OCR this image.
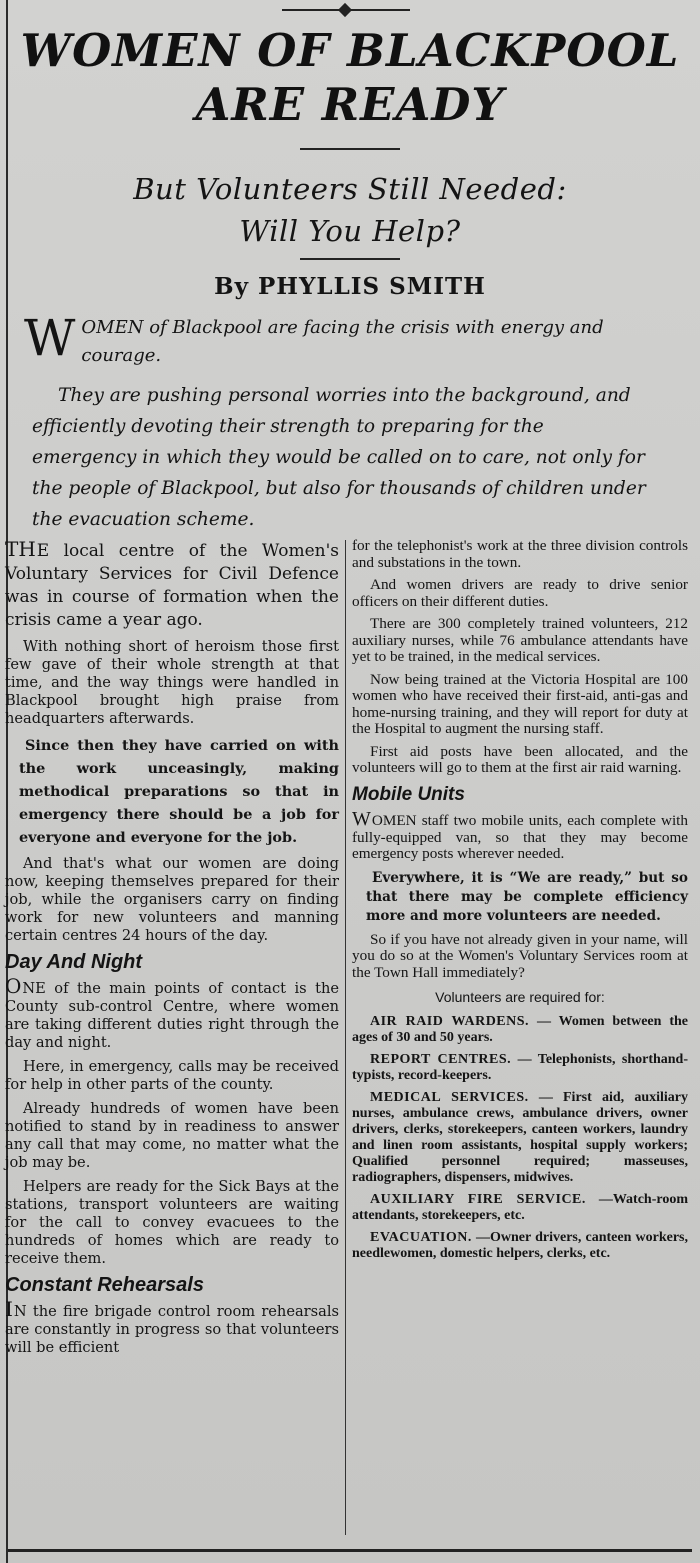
WOMEN OF BLACKPOOL
ARE READY
But Volunteers Still Needed:
Will You Help?
By PHYLLIS SMITH

WOMEN of Blackpool are facing the crisis with energy and courage.

They are pushing personal worries into the background, and efficiently devoting their strength to preparing for the emergency in which they would be called on to care, not only for the people of Blackpool, but also for thousands of children under the evacuation scheme.

THE local centre of the Women's Voluntary Services for Civil Defence was in course of formation when the crisis came a year ago.

With nothing short of heroism those first few gave of their whole strength at that time, and the way things were handled in Blackpool brought high praise from headquarters afterwards.

Since then they have carried on with the work unceasingly, making methodical preparations so that in emergency there should be a job for everyone and everyone for the job.

And that's what our women are doing now, keeping themselves prepared for their job, while the organisers carry on finding work for new volunteers and manning certain centres 24 hours of the day.

Day And Night

ONE of the main points of contact is the County sub-control Centre, where women are taking different duties right through the day and night.

Here, in emergency, calls may be received for help in other parts of the county.

Already hundreds of women have been notified to stand by in readiness to answer any call that may come, no matter what the job may be.

Helpers are ready for the Sick Bays at the stations, transport volunteers are waiting for the call to convey evacuees to the hundreds of homes which are ready to receive them.

Constant Rehearsals

IN the fire brigade control room rehearsals are constantly in progress so that volunteers will be efficient

for the telephonist's work at the three division controls and substations in the town.

And women drivers are ready to drive senior officers on their different duties.

There are 300 completely trained volunteers, 212 auxiliary nurses, while 76 ambulance attendants have yet to be trained, in the medical services.

Now being trained at the Victoria Hospital are 100 women who have received their first-aid, anti-gas and home-nursing training, and they will report for duty at the Hospital to augment the nursing staff.

First aid posts have been allocated, and the volunteers will go to them at the first air raid warning.

Mobile Units

WOMEN staff two mobile units, each complete with fully-equipped van, so that they may become emergency posts wherever needed.

Everywhere, it is “We are ready,” but so that there may be complete efficiency more and more volunteers are needed.

So if you have not already given in your name, will you do so at the Women's Voluntary Services room at the Town Hall immediately?

Volunteers are required for:

AIR RAID WARDENS. — Women between the ages of 30 and 50 years.

REPORT CENTRES. — Telephonists, shorthand-typists, record-keepers.

MEDICAL SERVICES. — First aid, auxiliary nurses, ambulance crews, ambulance drivers, owner drivers, clerks, storekeepers, canteen workers, laundry and linen room assistants, hospital supply workers; Qualified personnel required; masseuses, radiographers, dispensers, midwives.

AUXILIARY FIRE SERVICE. —Watch-room attendants, storekeepers, etc.

EVACUATION. —Owner drivers, canteen workers, needlewomen, domestic helpers, clerks, etc.
